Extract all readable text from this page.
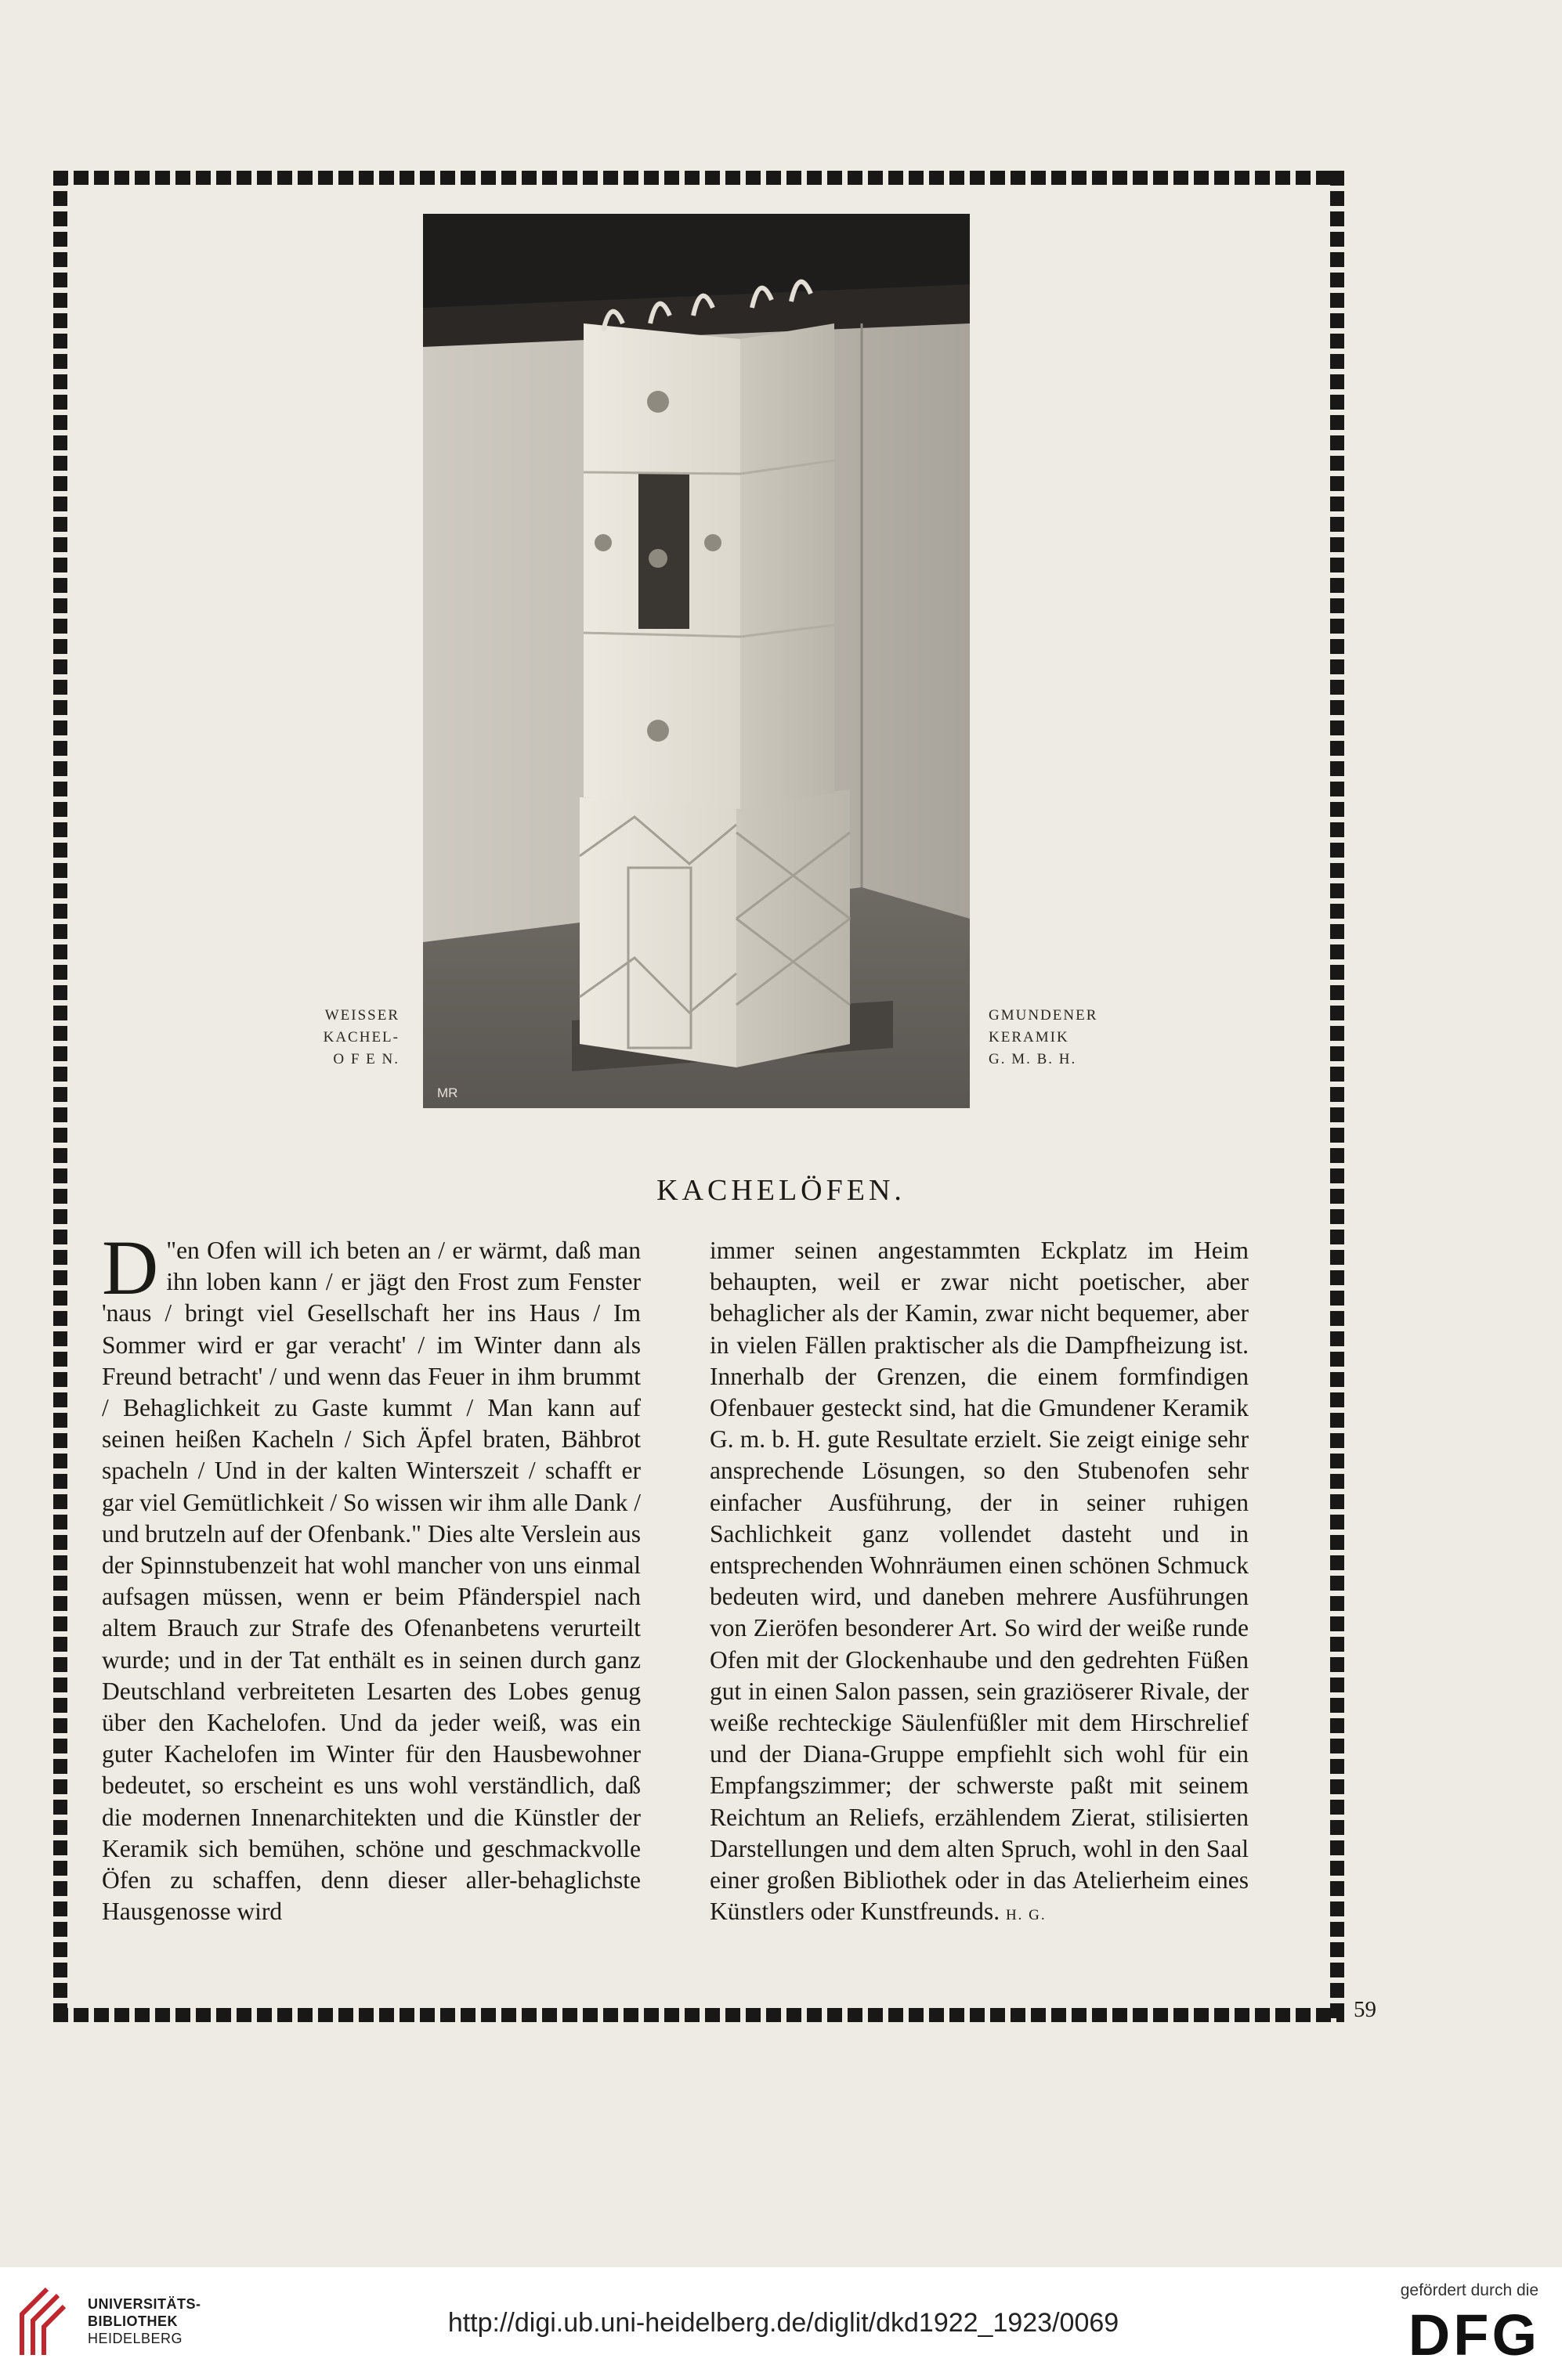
MR
WEISSER
KACHEL-
O F E N.
GMUNDENER
KERAMIK
G. M. B. H.
KACHELÖFEN.

"
D en Ofen will ich beten an / er wärmt, daß man ihn loben kann / er jägt den Frost zum Fenster 'naus / bringt viel Gesellschaft her ins Haus / Im Sommer wird er gar veracht' / im Winter dann als Freund betracht' / und wenn das Feuer in ihm brummt / Behaglichkeit zu Gaste kummt / Man kann auf seinen heißen Kacheln / Sich Äpfel braten, Bähbrot spacheln / Und in der kalten Winterszeit / schafft er gar viel Gemütlichkeit / So wissen wir ihm alle Dank / und brutzeln auf der Ofenbank." Dies alte Verslein aus der Spinnstubenzeit hat wohl mancher von uns einmal aufsagen müssen, wenn er beim Pfänderspiel nach altem Brauch zur Strafe des Ofenanbetens verurteilt wurde; und in der Tat enthält es in seinen durch ganz Deutschland verbreiteten Lesarten des Lobes genug über den Kachelofen. Und da jeder weiß, was ein guter Kachelofen im Winter für den Hausbewohner bedeutet, so erscheint es uns wohl verständlich, daß die modernen Innenarchitekten und die Künstler der Keramik sich bemühen, schöne und geschmackvolle Öfen zu schaffen, denn dieser aller-behaglichste Hausgenosse wird

immer seinen angestammten Eckplatz im Heim behaupten, weil er zwar nicht poetischer, aber behaglicher als der Kamin, zwar nicht bequemer, aber in vielen Fällen praktischer als die Dampfheizung ist. Innerhalb der Grenzen, die einem formfindigen Ofenbauer gesteckt sind, hat die Gmundener Keramik G. m. b. H. gute Resultate erzielt. Sie zeigt einige sehr ansprechende Lösungen, so den Stubenofen sehr einfacher Ausführung, der in seiner ruhigen Sachlichkeit ganz vollendet dasteht und in entsprechenden Wohnräumen einen schönen Schmuck bedeuten wird, und daneben mehrere Ausführungen von Zieröfen besonderer Art. So wird der weiße runde Ofen mit der Glockenhaube und den gedrehten Füßen gut in einen Salon passen, sein graziöserer Rivale, der weiße rechteckige Säulenfüßler mit dem Hirschrelief und der Diana-Gruppe empfiehlt sich wohl für ein Empfangszimmer; der schwerste paßt mit seinem Reichtum an Reliefs, erzählendem Zierat, stilisierten Darstellungen und dem alten Spruch, wohl in den Saal einer großen Bibliothek oder in das Atelierheim eines Künstlers oder Kunstfreunds. H. G.

59
UNIVERSITÄTS-
BIBLIOTHEK
HEIDELBERG
http://digi.ub.uni-heidelberg.de/diglit/dkd1922_1923/0069
gefördert durch die
DFG
